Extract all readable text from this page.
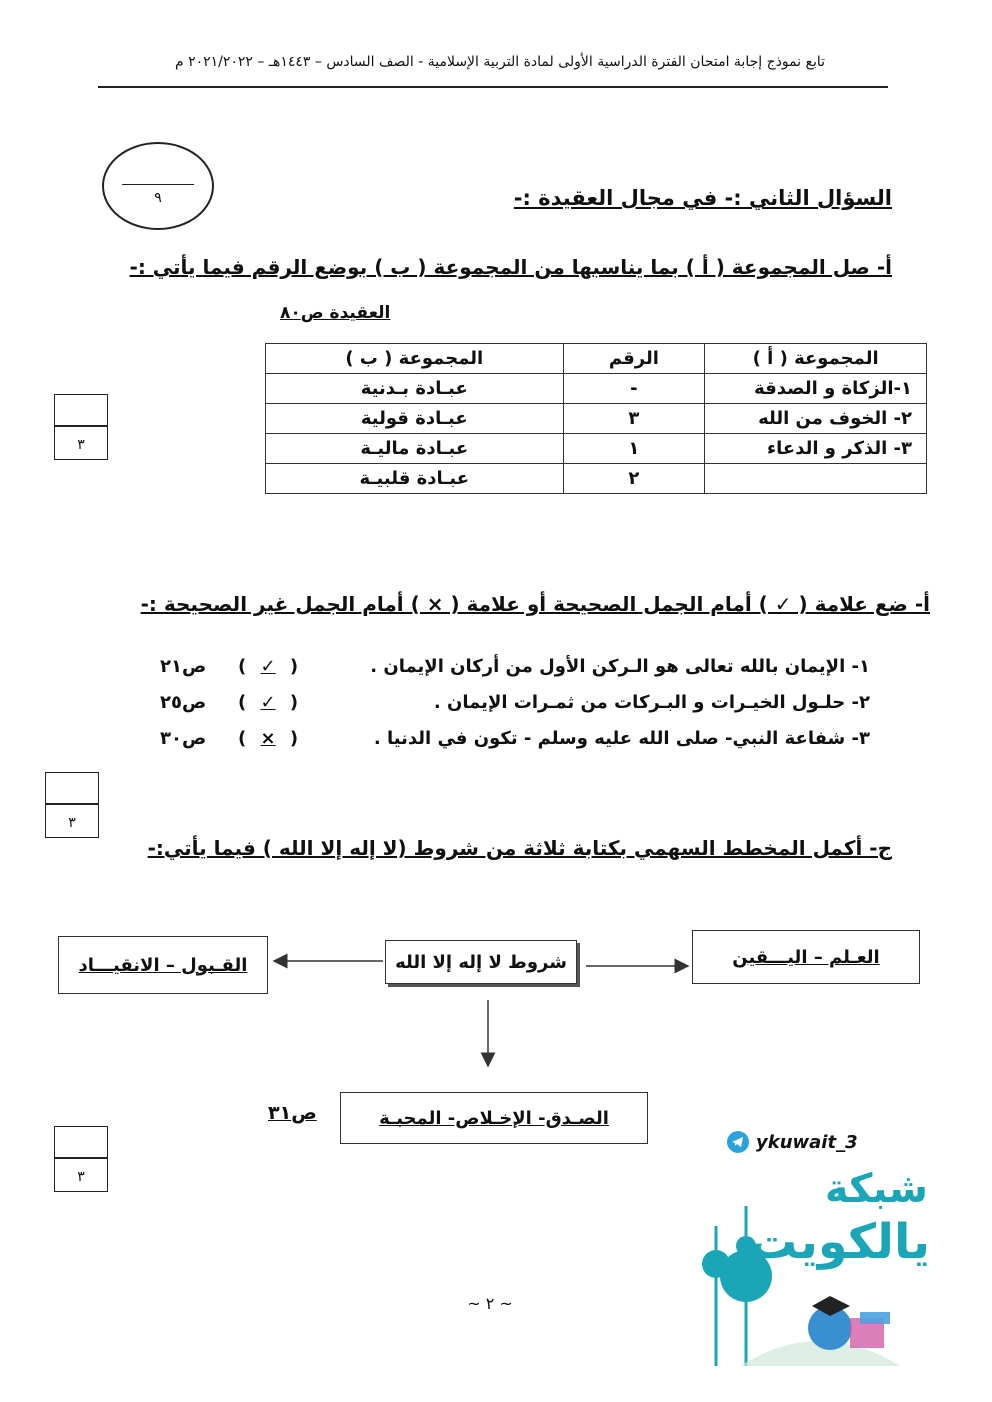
تابع نموذج إجابة امتحان الفترة الدراسية الأولى لمادة التربية الإسلامية - الصف السادس – ١٤٤٣هـ – ٢٠٢١/٢٠٢٢ م
٩	السؤال الثاني :- في مجال العقيدة :-
أ- صل المجموعة ( أ ) بما يناسبها من المجموعة ( ب ) بوضع الرقم فيما يأتي :-
العقيدة ص٨٠
المجموعة ( أ )	الرقم	المجموعة ( ب )
١-الزكاة و الصدقة	-	عبـادة بـدنية
٢- الخوف من الله	٣	عبـادة قولية
٣- الذكر و الدعاء	١	عبـادة ماليـة
	٢	عبـادة قلبيـة
٣
أ- ضع علامة ( ✓ ) أمام الجمل الصحيحة أو علامة ( × ) أمام الجمل غير الصحيحة :-
١- الإيمان بالله تعالى هو الـركن الأول من أركان الإيمان .
( ✓ )
ص٢١
٢- حلـول الخيـرات و البـركات من ثمـرات الإيمان .
( ✓ )
ص٢٥
٣- شفاعة النبي- صلى الله عليه وسلم - تكون في الدنيا .
( × )
ص٣٠
٣
ج- أكمل المخطط السهمي بكتابة ثلاثة من شروط (لا إله إلا الله ) فيما يأتي:-
القـبول – الانقيـــاد	شروط لا إله إلا الله	العـلم – اليـــقين
الصـدق- الإخـلاص- المحبـة
ص٣١
٣
~ ٢ ~
ykuwait_3
شبكة
يالكويت
